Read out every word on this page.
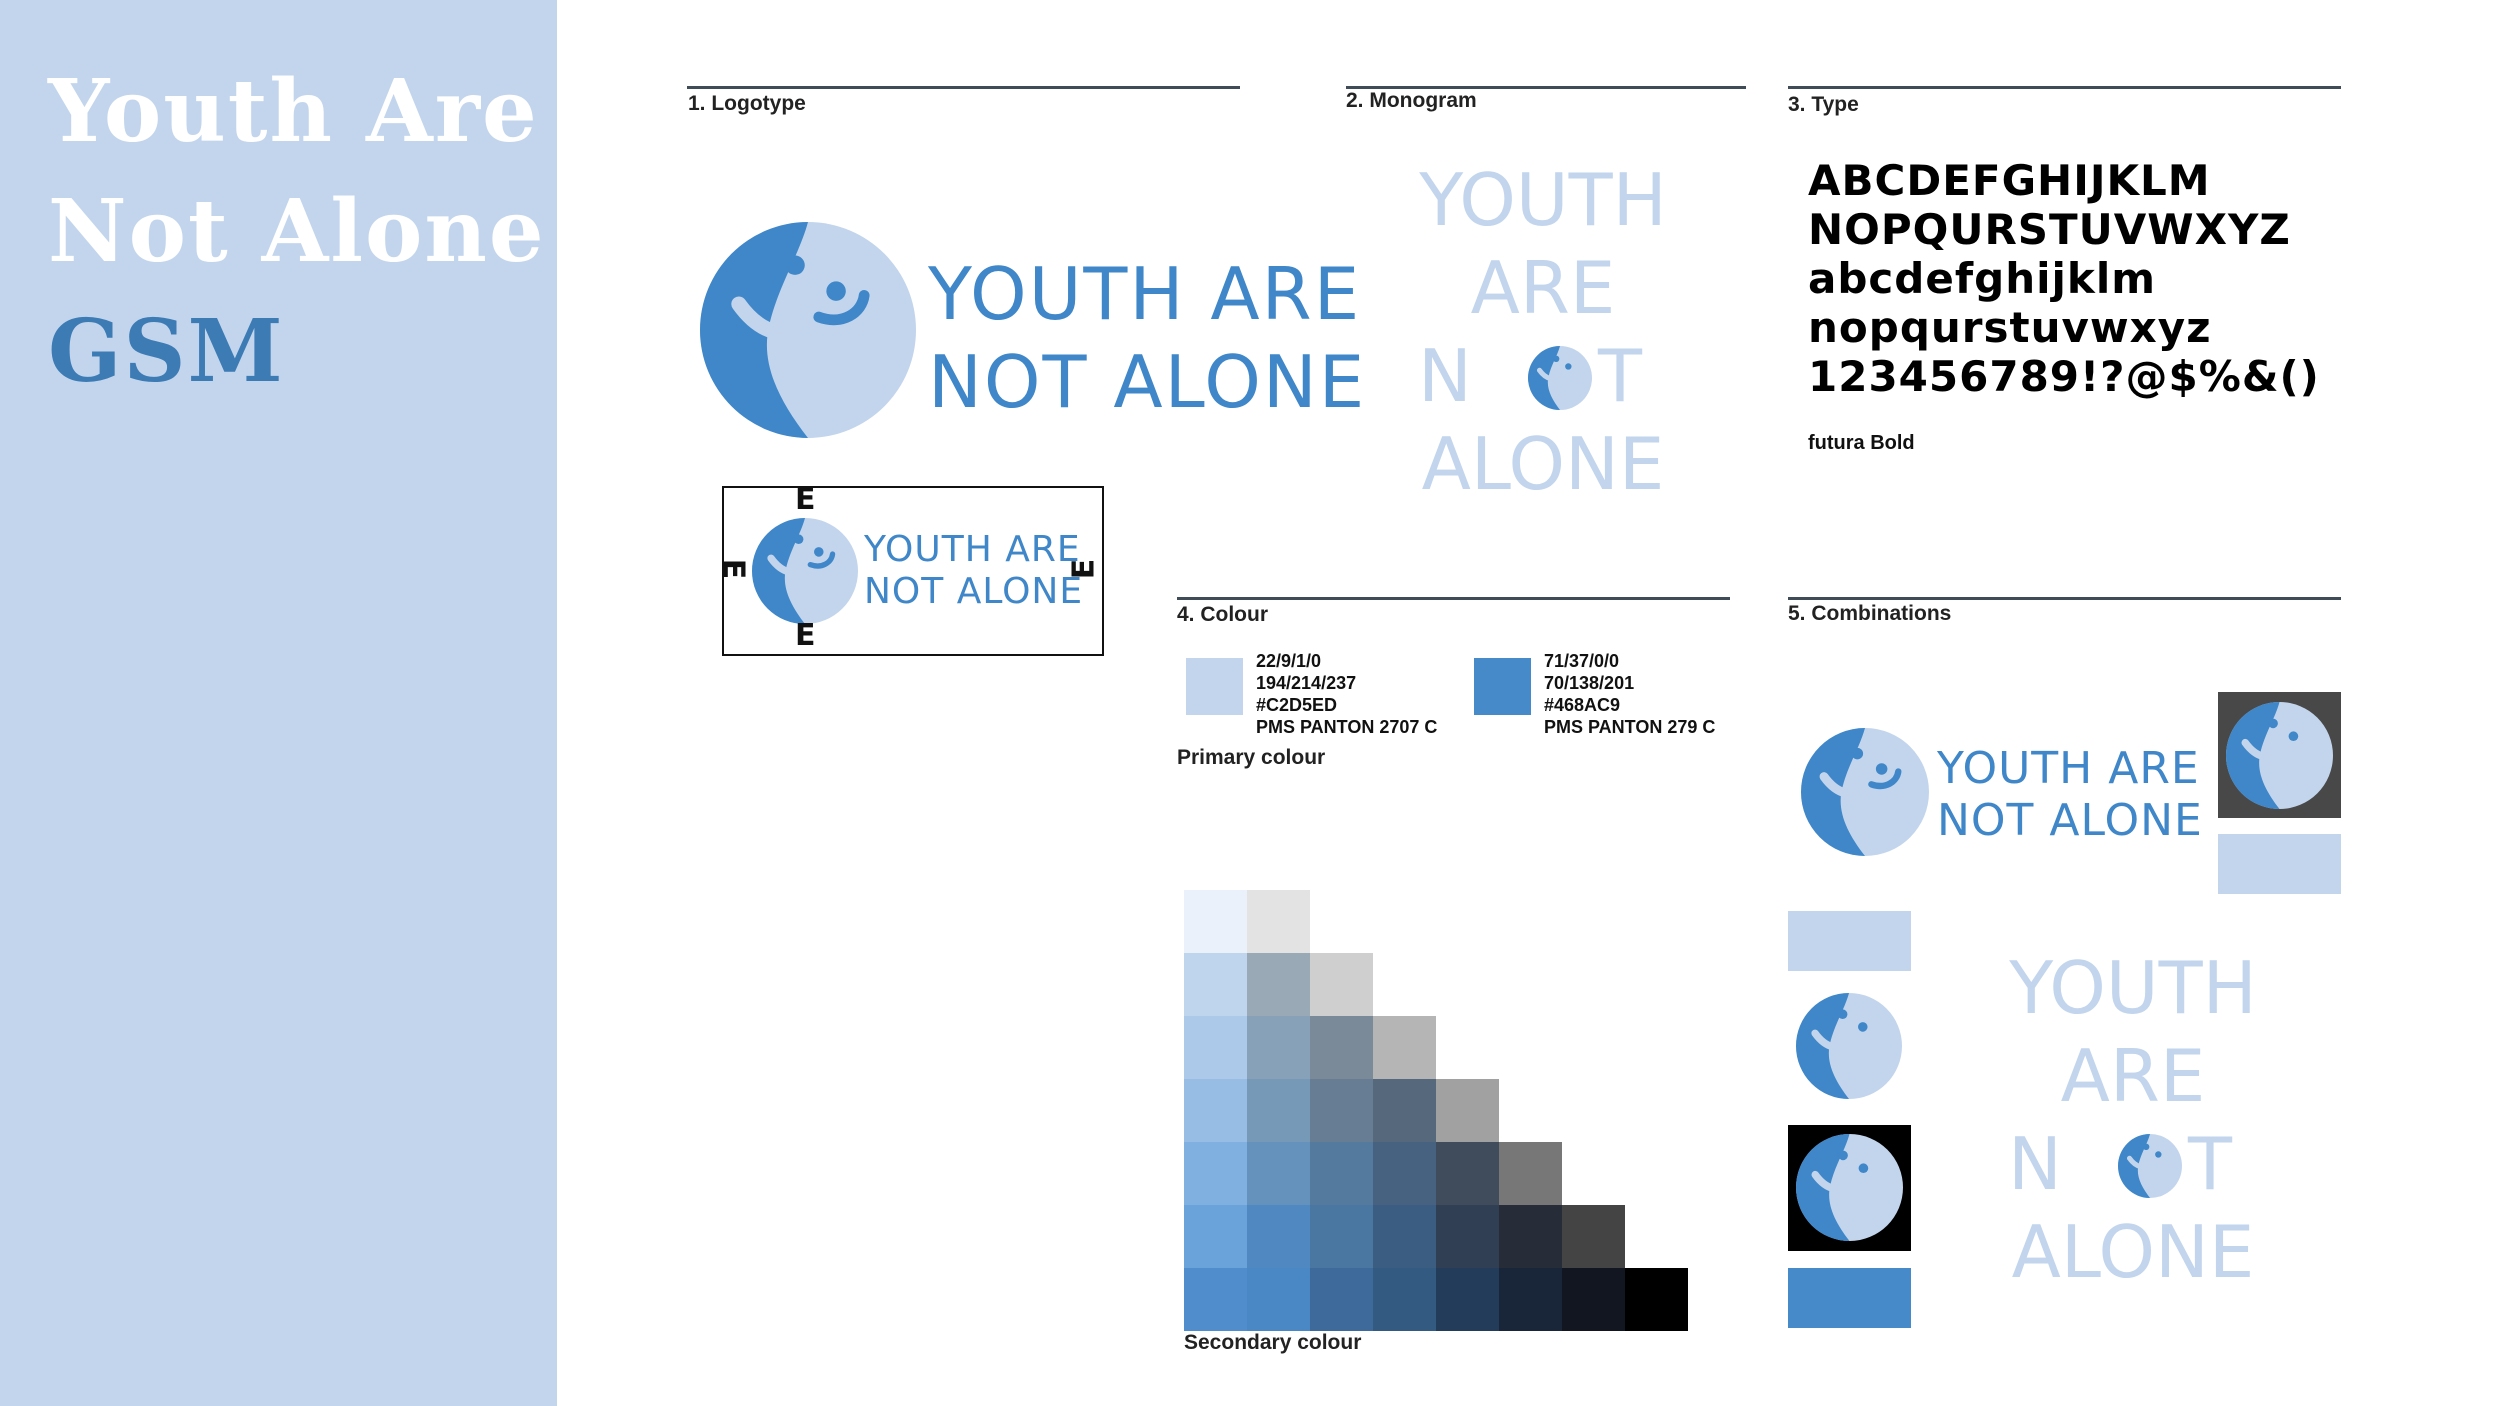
Youth Are
Not Alone
GSM
1. Logotype
YOUTH ARE
NOT ALONE
YOUTH ARE
NOT ALONE
E
E
E	E
2. Monogram
YOUTH
ARE
N T
ALONE
3. Type
ABCDEFGHIJKLM
NOPQURSTUVWXYZ
abcdefghijklm
nopqurstuvwxyz
123456789!?@$%&()
futura Bold
4. Colour
22/9/1/0
194/214/237
#C2D5ED
PMS PANTON 2707 C
71/37/0/0
70/138/201
#468AC9
PMS PANTON 279 C
Primary colour
Secondary colour
5. Combinations
YOUTH ARE
NOT ALONE
YOUTH
ARE
N T
ALONE
